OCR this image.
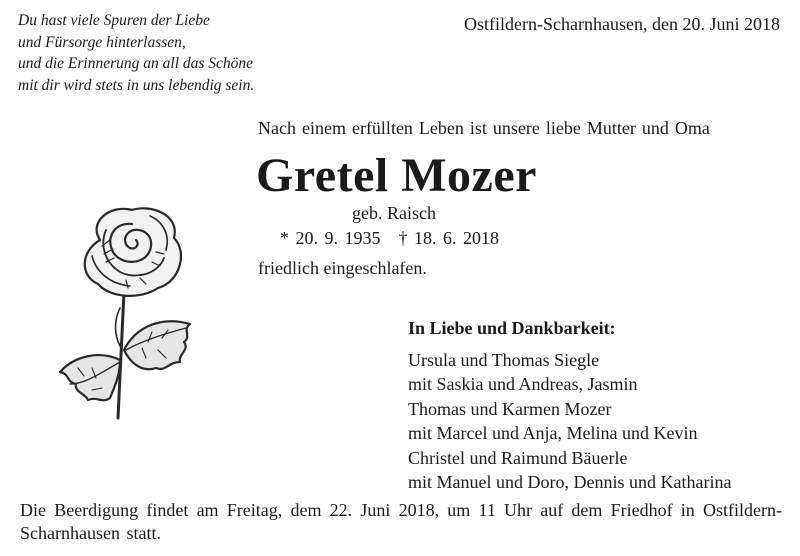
Du hast viele Spuren der Liebe
und Fürsorge hinterlassen,
und die Erinnerung an all das Schöne
mit dir wird stets in uns lebendig sein.
Ostfildern-Scharnhausen, den 20. Juni 2018
Nach einem erfüllten Leben ist unsere liebe Mutter und Oma
Gretel Mozer
geb. Raisch
* 20. 9. 1935 † 18. 6. 2018
friedlich eingeschlafen.
In Liebe und Dankbarkeit:
Ursula und Thomas Siegle
mit Saskia und Andreas, Jasmin
Thomas und Karmen Mozer
mit Marcel und Anja, Melina und Kevin
Christel und Raimund Bäuerle
mit Manuel und Doro, Dennis und Katharina
Die Beerdigung findet am Freitag, dem 22. Juni 2018, um 11 Uhr auf dem Friedhof in Ostfildern-Scharnhausen statt.
